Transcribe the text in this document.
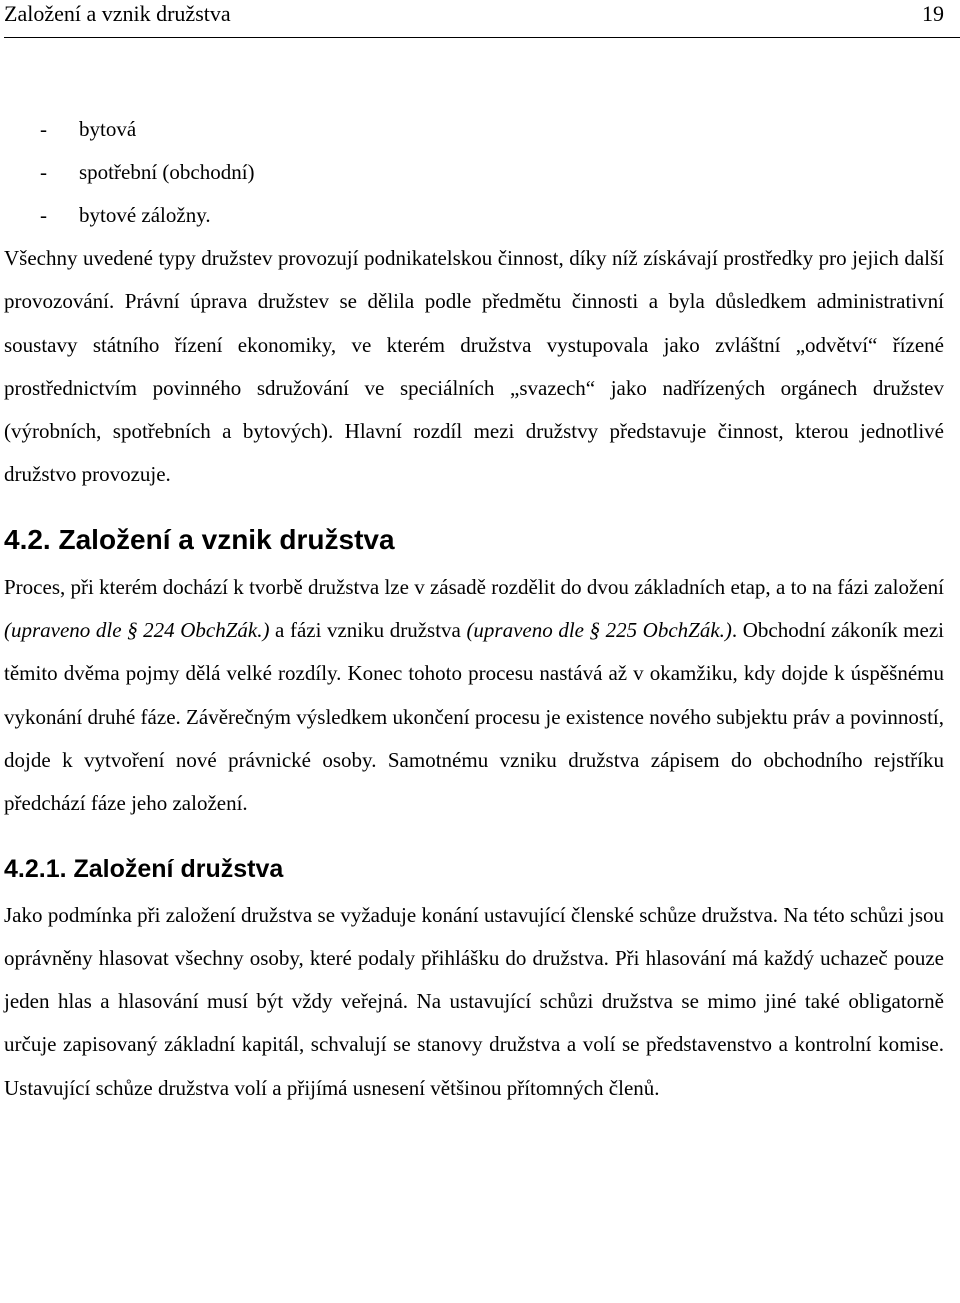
Založení a vznik družstva	19
- bytová
- spotřební (obchodní)
- bytové záložny.

Všechny uvedené typy družstev provozují podnikatelskou činnost, díky níž získávají prostředky pro jejich další provozování. Právní úprava družstev se dělila podle předmětu činnosti a byla důsledkem administrativní soustavy státního řízení ekonomiky, ve kterém družstva vystupovala jako zvláštní „odvětví“ řízené prostřednictvím povinného sdružování ve speciálních „svazech“ jako nadřízených orgánech družstev (výrobních, spotřebních a bytových). Hlavní rozdíl mezi družstvy představuje činnost, kterou jednotlivé družstvo provozuje.

4.2. Založení a vznik družstva

Proces, při kterém dochází k tvorbě družstva lze v zásadě rozdělit do dvou základních etap, a to na fázi založení (upraveno dle § 224 ObchZák.) a fázi vzniku družstva (upraveno dle § 225 ObchZák.). Obchodní zákoník mezi těmito dvěma pojmy dělá velké rozdíly. Konec tohoto procesu nastává až v okamžiku, kdy dojde k úspěšnému vykonání druhé fáze. Závěrečným výsledkem ukončení procesu je existence nového subjektu práv a povinností, dojde k vytvoření nové právnické osoby. Samotnému vzniku družstva zápisem do obchodního rejstříku předchází fáze jeho založení.

4.2.1. Založení družstva

Jako podmínka při založení družstva se vyžaduje konání ustavující členské schůze družstva. Na této schůzi jsou oprávněny hlasovat všechny osoby, které podaly přihlášku do družstva. Při hlasování má každý uchazeč pouze jeden hlas a hlasování musí být vždy veřejná. Na ustavující schůzi družstva se mimo jiné také obligatorně určuje zapisovaný základní kapitál, schvalují se stanovy družstva a volí se představenstvo a kontrolní komise. Ustavující schůze družstva volí a přijímá usnesení většinou přítomných členů.
